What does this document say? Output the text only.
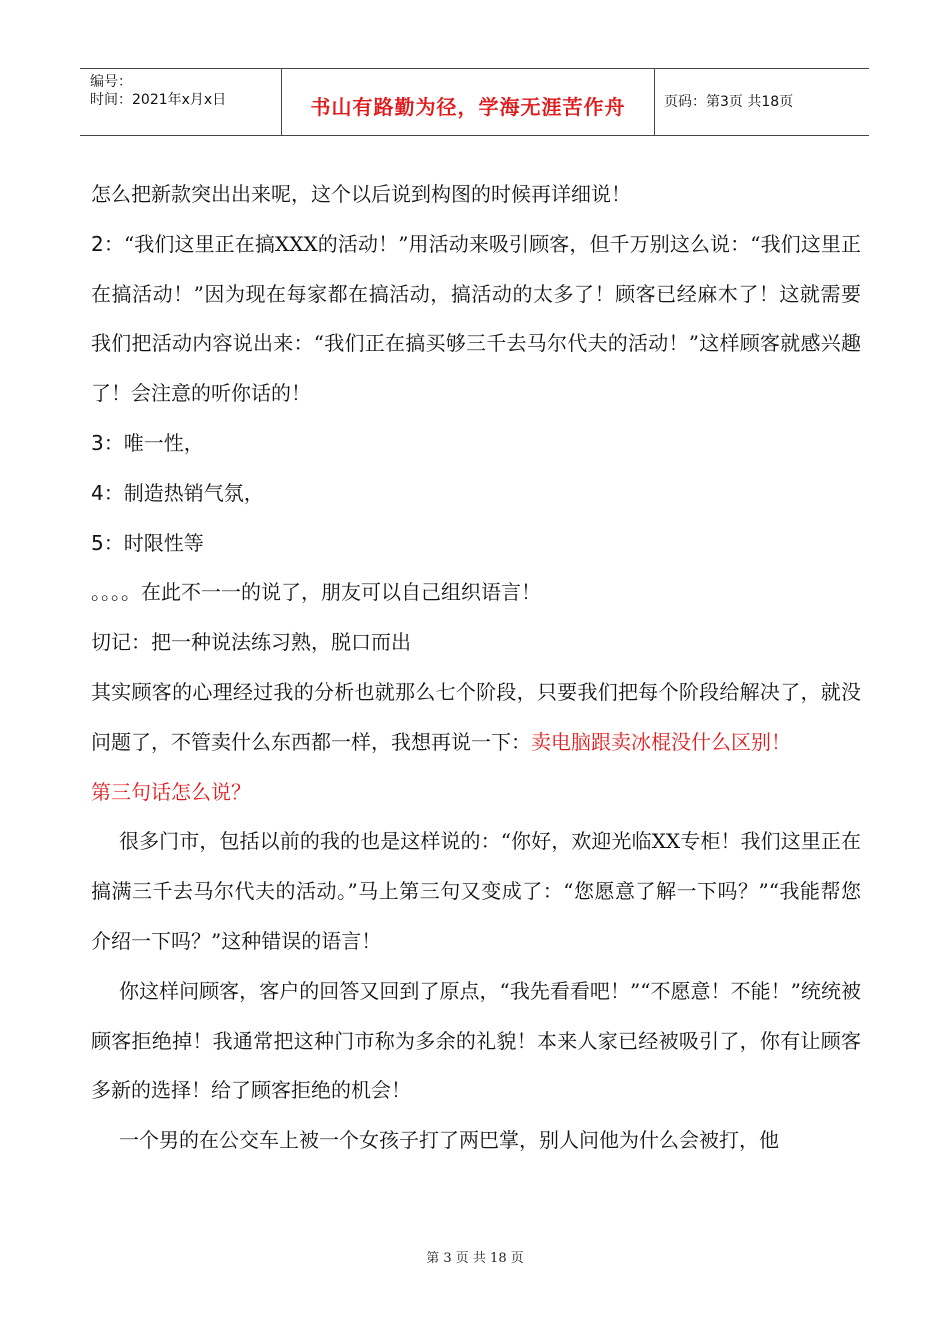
编号：
时间：2021年x月x日	书山有路勤为径，学海无涯苦作舟	页码：第3页 共18页

怎么把新款突出出来呢，这个以后说到构图的时候再详细说！

2：“我们这里正在搞XXX的活动！”用活动来吸引顾客，但千万别这么说：“我们这里正在搞活动！”因为现在每家都在搞活动，搞活动的太多了！顾客已经麻木了！这就需要我们把活动内容说出来：“我们正在搞买够三千去马尔代夫的活动！”这样顾客就感兴趣了！会注意的听你话的！

3：唯一性，

4：制造热销气氛，

5：时限性等

。。。。在此不一一的说了，朋友可以自己组织语言！

切记：把一种说法练习熟，脱口而出

其实顾客的心理经过我的分析也就那么七个阶段，只要我们把每个阶段给解决了，就没问题了，不管卖什么东西都一样，我想再说一下：卖电脑跟卖冰棍没什么区别！

第三句话怎么说？

很多门市，包括以前的我的也是这样说的：“你好，欢迎光临XX专柜！我们这里正在搞满三千去马尔代夫的活动。”马上第三句又变成了：“您愿意了解一下吗？”“我能帮您介绍一下吗？”这种错误的语言！

你这样问顾客，客户的回答又回到了原点，“我先看看吧！”“不愿意！不能！”统统被顾客拒绝掉！我通常把这种门市称为多余的礼貌！本来人家已经被吸引了，你有让顾客多新的选择！给了顾客拒绝的机会！

一个男的在公交车上被一个女孩子打了两巴掌，别人问他为什么会被打，他

第 3 页 共 18 页
